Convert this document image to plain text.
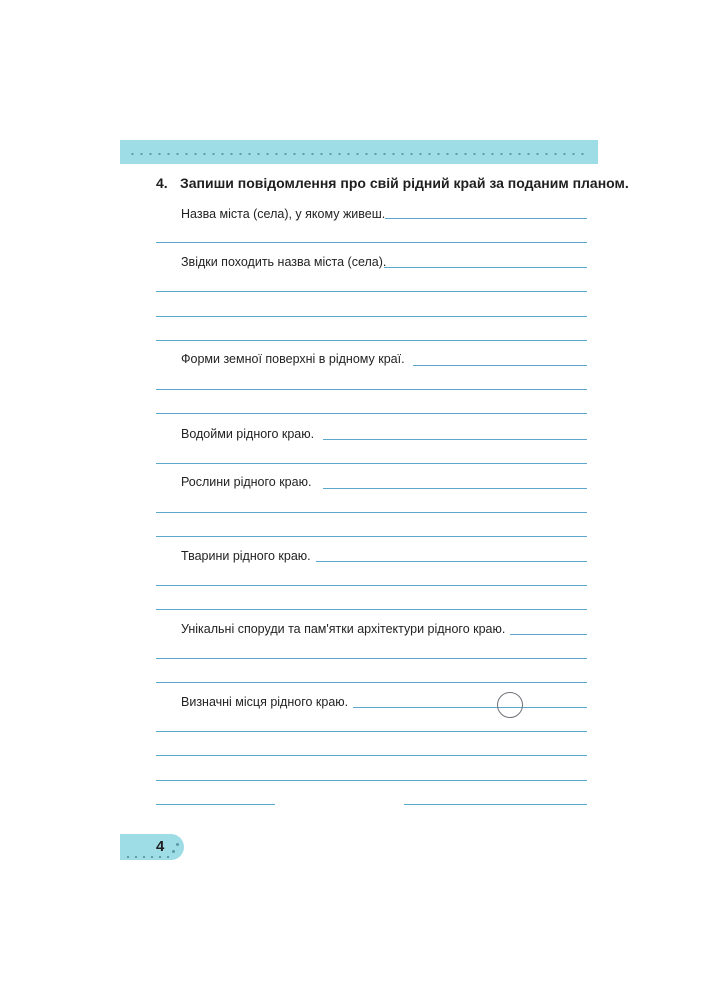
4. Запиши повідомлення про свій рідний край за поданим планом.
Назва міста (села), у якому живеш.
Звідки походить назва міста (села).
Форми земної поверхні в рідному краї.
Водойми рідного краю.
Рослини рідного краю.
Тварини рідного краю.
Унікальні споруди та пам'ятки архітектури рідного краю.
Визначні місця рідного краю.
4
